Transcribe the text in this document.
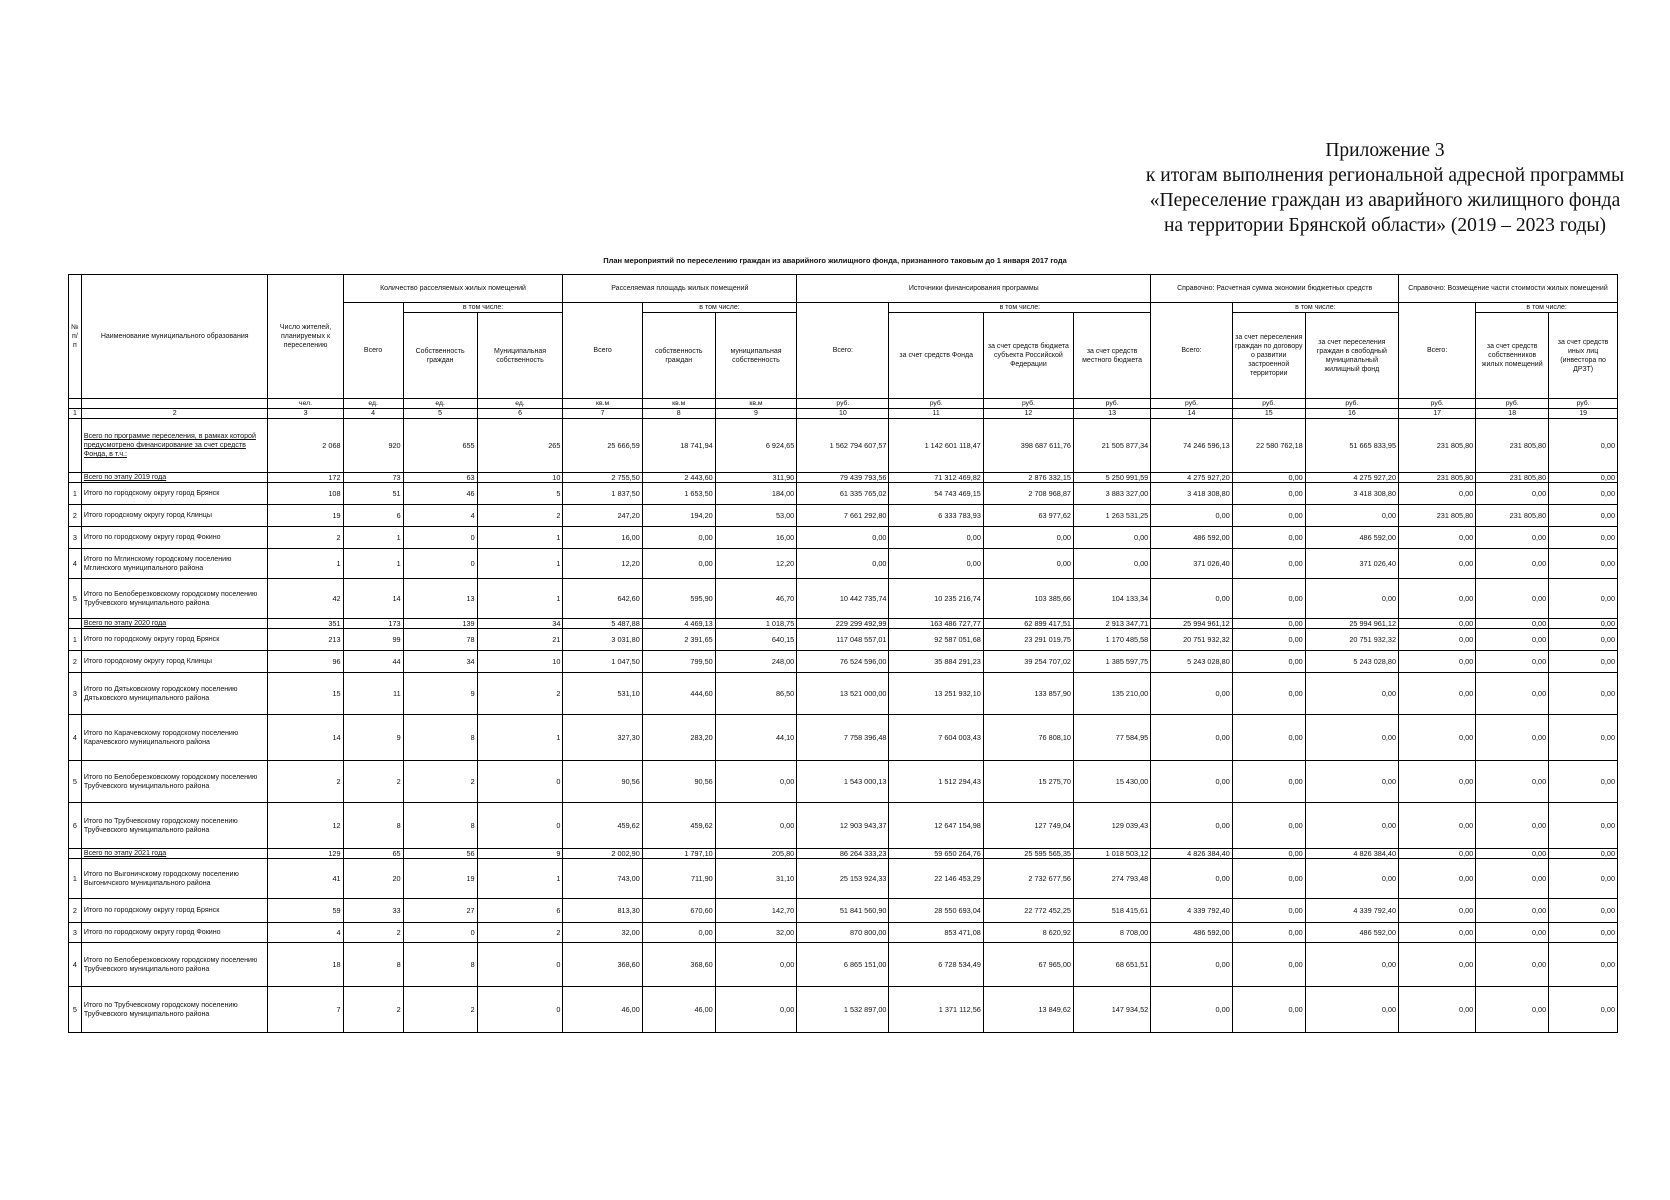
Приложение 3
к итогам выполнения региональной адресной программы
«Переселение граждан из аварийного жилищного фонда
на территории Брянской области» (2019 – 2023 годы)
План мероприятий по переселению граждан из аварийного жилищного фонда, признанного таковым до 1 января 2017 года
№ п/ п	Наименование муниципального образования	Число жителей, планируемых к переселению	Количество расселяемых жилых помещений			Расселяемая площадь жилых помещений			Источники финансирования программы				Справочно: Расчетная сумма экономии бюджетных средств			Справочно: Возмещение части стоимости жилых помещений		
			Всего	в том числе:		Всего	в том числе:		Всего:	в том числе:			Всего:	в том числе:		Всего:	в том числе:	
				Собственность граждан	Муниципальная собственность		собственность граждан	муниципальная собственность		за счет средств Фонда	за счет средств бюджета субъекта Российской Федерации	за счет средств местного бюджета		за счет переселения граждан по договору о развитии застроенной территории	за счет переселения граждан в свободный муниципальный жилищный фонд		за счет средств собственников жилых помещений	за счет средств иных лиц (инвестора по ДРЗТ)
		чел.	ед.	ед.	ед.	кв.м	кв.м	кв.м	руб.	руб.	руб.	руб.	руб.	руб.	руб.	руб.	руб.	руб.
1	2	3	4	5	6	7	8	9	10	11	12	13	14	15	16	17	18	19
	Всего по программе переселения, в рамках которой предусмотрено финансирование за счет средств Фонда, в т.ч.:	2 068	920	655	265	25 666,59	18 741,94	6 924,65	1 562 794 607,57	1 142 601 118,47	398 687 611,76	21 505 877,34	74 246 596,13	22 580 762,18	51 665 833,95	231 805,80	231 805,80	0,00
	Всего по этапу 2019 года	172	73	63	10	2 755,50	2 443,60	311,90	79 439 793,56	71 312 469,82	2 876 332,15	5 250 991,59	4 275 927,20	0,00	4 275 927,20	231 805,80	231 805,80	0,00
1	Итого по городскому округу город Брянск	108	51	46	5	1 837,50	1 653,50	184,00	61 335 765,02	54 743 469,15	2 708 968,87	3 883 327,00	3 418 308,80	0,00	3 418 308,80	0,00	0,00	0,00
2	Итого городскому округу город Клинцы	19	6	4	2	247,20	194,20	53,00	7 661 292,80	6 333 783,93	63 977,62	1 263 531,25	0,00	0,00	0,00	231 805,80	231 805,80	0,00
3	Итого по городскому округу город Фокино	2	1	0	1	16,00	0,00	16,00	0,00	0,00	0,00	0,00	486 592,00	0,00	486 592,00	0,00	0,00	0,00
4	Итого по Мглинскому городскому поселению Мглинского муниципального района	1	1	0	1	12,20	0,00	12,20	0,00	0,00	0,00	0,00	371 026,40	0,00	371 026,40	0,00	0,00	0,00
5	Итого по Белоберезковскому городскому поселению Трубчевского муниципального района	42	14	13	1	642,60	595,90	46,70	10 442 735,74	10 235 216,74	103 385,66	104 133,34	0,00	0,00	0,00	0,00	0,00	0,00
	Всего по этапу 2020 года	351	173	139	34	5 487,88	4 469,13	1 018,75	229 299 492,99	163 486 727,77	62 899 417,51	2 913 347,71	25 994 961,12	0,00	25 994 961,12	0,00	0,00	0,00
1	Итого по городскому округу город Брянск	213	99	78	21	3 031,80	2 391,65	640,15	117 048 557,01	92 587 051,68	23 291 019,75	1 170 485,58	20 751 932,32	0,00	20 751 932,32	0,00	0,00	0,00
2	Итого городскому округу город Клинцы	96	44	34	10	1 047,50	799,50	248,00	76 524 596,00	35 884 291,23	39 254 707,02	1 385 597,75	5 243 028,80	0,00	5 243 028,80	0,00	0,00	0,00
3	Итого по Дятьковскому городскому поселению Дятьковского муниципального района	15	11	9	2	531,10	444,60	86,50	13 521 000,00	13 251 932,10	133 857,90	135 210,00	0,00	0,00	0,00	0,00	0,00	0,00
4	Итого по Карачевскому городскому поселению Карачевского муниципального района	14	9	8	1	327,30	283,20	44,10	7 758 396,48	7 604 003,43	76 808,10	77 584,95	0,00	0,00	0,00	0,00	0,00	0,00
5	Итого по Белоберезковскому городскому поселению Трубчевского муниципального района	2	2	2	0	90,56	90,56	0,00	1 543 000,13	1 512 294,43	15 275,70	15 430,00	0,00	0,00	0,00	0,00	0,00	0,00
6	Итого по Трубчевскому городскому поселению Трубчевского муниципального района	12	8	8	0	459,62	459,62	0,00	12 903 943,37	12 647 154,98	127 749,04	129 039,43	0,00	0,00	0,00	0,00	0,00	0,00
	Всего по этапу 2021 года	129	65	56	9	2 002,90	1 797,10	205,80	86 264 333,23	59 650 264,76	25 595 565,35	1 018 503,12	4 826 384,40	0,00	4 826 384,40	0,00	0,00	0,00
1	Итого по Выгоничскому городскому поселению Выгоничского муниципального района	41	20	19	1	743,00	711,90	31,10	25 153 924,33	22 146 453,29	2 732 677,56	274 793,48	0,00	0,00	0,00	0,00	0,00	0,00
2	Итого по городскому округу город Брянск	59	33	27	6	813,30	670,60	142,70	51 841 560,90	28 550 693,04	22 772 452,25	518 415,61	4 339 792,40	0,00	4 339 792,40	0,00	0,00	0,00
3	Итого по городскому округу город Фокино	4	2	0	2	32,00	0,00	32,00	870 800,00	853 471,08	8 620,92	8 708,00	486 592,00	0,00	486 592,00	0,00	0,00	0,00
4	Итого по Белоберезковскому городскому поселению Трубчевского муниципального района	18	8	8	0	368,60	368,60	0,00	6 865 151,00	6 728 534,49	67 965,00	68 651,51	0,00	0,00	0,00	0,00	0,00	0,00
5	Итого по Трубчевскому городскому поселению Трубчевского муниципального района	7	2	2	0	46,00	46,00	0,00	1 532 897,00	1 371 112,56	13 849,62	147 934,52	0,00	0,00	0,00	0,00	0,00	0,00
